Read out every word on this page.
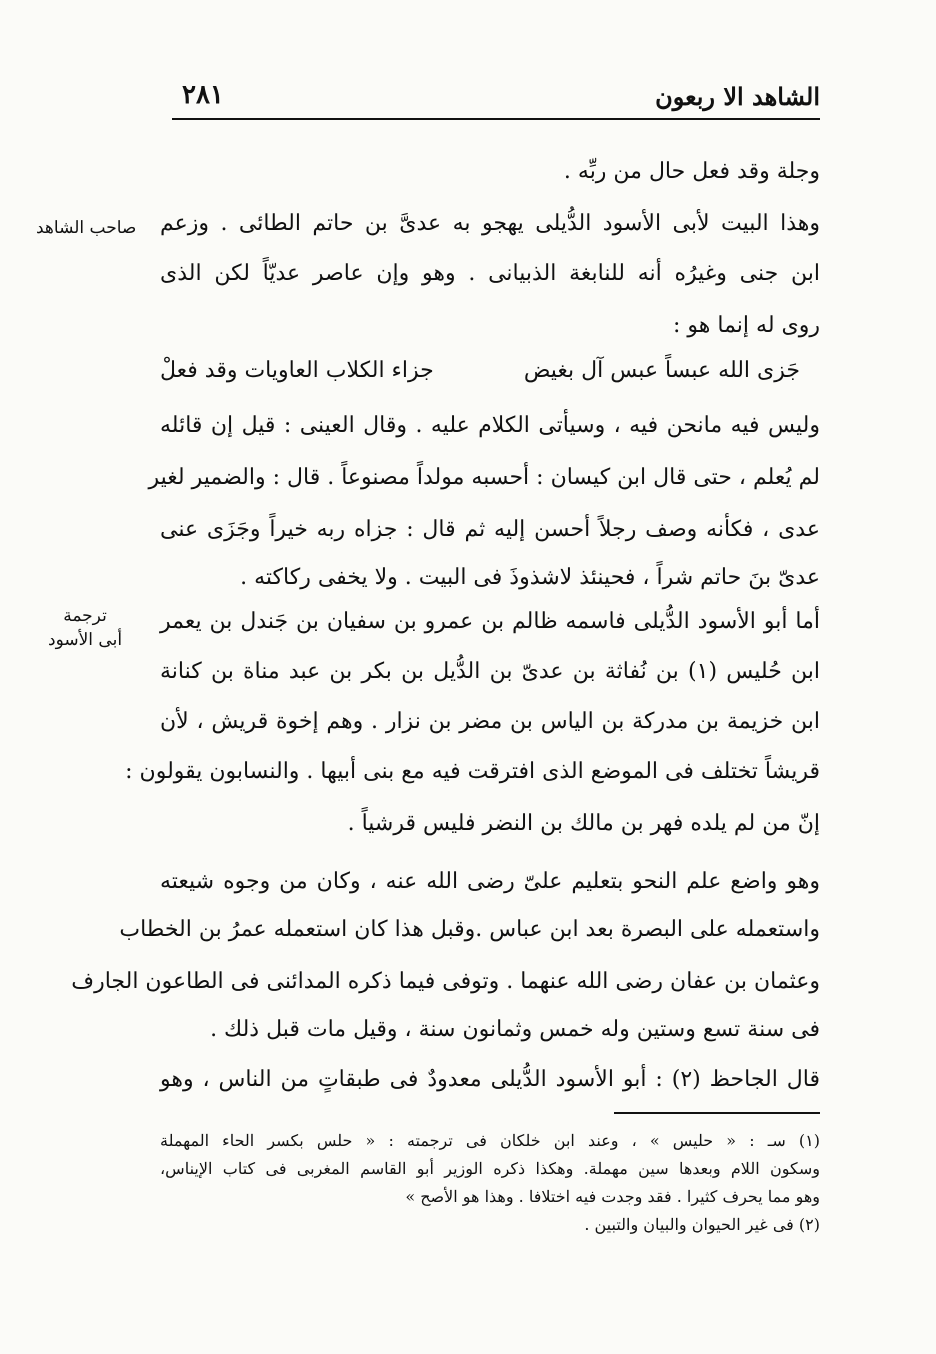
الشاهد الا ربعون
٢٨١
صاحب الشاهد
ترجمة
أبى الأسود
وجلة وقد فعل حال من ربِّه .
وهذا البيت لأبى الأسود الدُّيلى يهجو به عدىَّ بن حاتم الطائى . وزعم
ابن جنى وغيرُه أنه للنابغة الذبيانى . وهو وإن عاصر عديّاً لكن الذى
روى له إنما هو :
جَزى الله عبساً عبس آل بغيض
جزاء الكلاب العاويات وقد فعلْ
وليس فيه مانحن فيه ، وسيأتى الكلام عليه . وقال العينى : قيل إن قائله
لم يُعلم ، حتى قال ابن كيسان : أحسبه مولداً مصنوعاً . قال : والضمير لغير
عدى ، فكأنه وصف رجلاً أحسن إليه ثم قال : جزاه ربه خيراً وجَزَى عنى
عدىّ بنَ حاتم شراً ، فحينئذ لاشذوذَ فى البيت . ولا يخفى ركاكته .
أما أبو الأسود الدُّيلى فاسمه ظالم بن عمرو بن سفيان بن جَندل بن يعمر
ابن حُليس (١) بن نُفاثة بن عدىّ بن الدُّيل بن بكر بن عبد مناة بن كنانة
ابن خزيمة بن مدركة بن الياس بن مضر بن نزار . وهم إخوة قريش ، لأن
قريشاً تختلف فى الموضع الذى افترقت فيه مع بنى أبيها . والنسابون يقولون :
إنّ من لم يلده فهر بن مالك بن النضر فليس قرشياً .
وهو واضع علم النحو بتعليم علىّ رضى الله عنه ، وكان من وجوه شيعته
واستعمله على البصرة بعد ابن عباس .وقبل هذا كان استعمله عمرُ بن الخطاب
وعثمان بن عفان رضى الله عنهما . وتوفى فيما ذكره المدائنى فى الطاعون الجارف
فى سنة تسع وستين وله خمس وثمانون سنة ، وقيل مات قبل ذلك .
قال الجاحظ (٢) : أبو الأسود الدُّيلى معدودٌ فى طبقاتٍ من الناس ، وهو
(١) سـ : « حليس » ، وعند ابن خلكان فى ترجمته : « حلس بكسر الحاء المهملة
وسكون اللام وبعدها سين مهملة. وهكذا ذكره الوزير أبو القاسم المغربى فى كتاب الإيناس،
وهو مما يحرف كثيرا . فقد وجدت فيه اختلافا . وهذا هو الأصح »
(٢) فى غير الحيوان والبيان والتبين .
